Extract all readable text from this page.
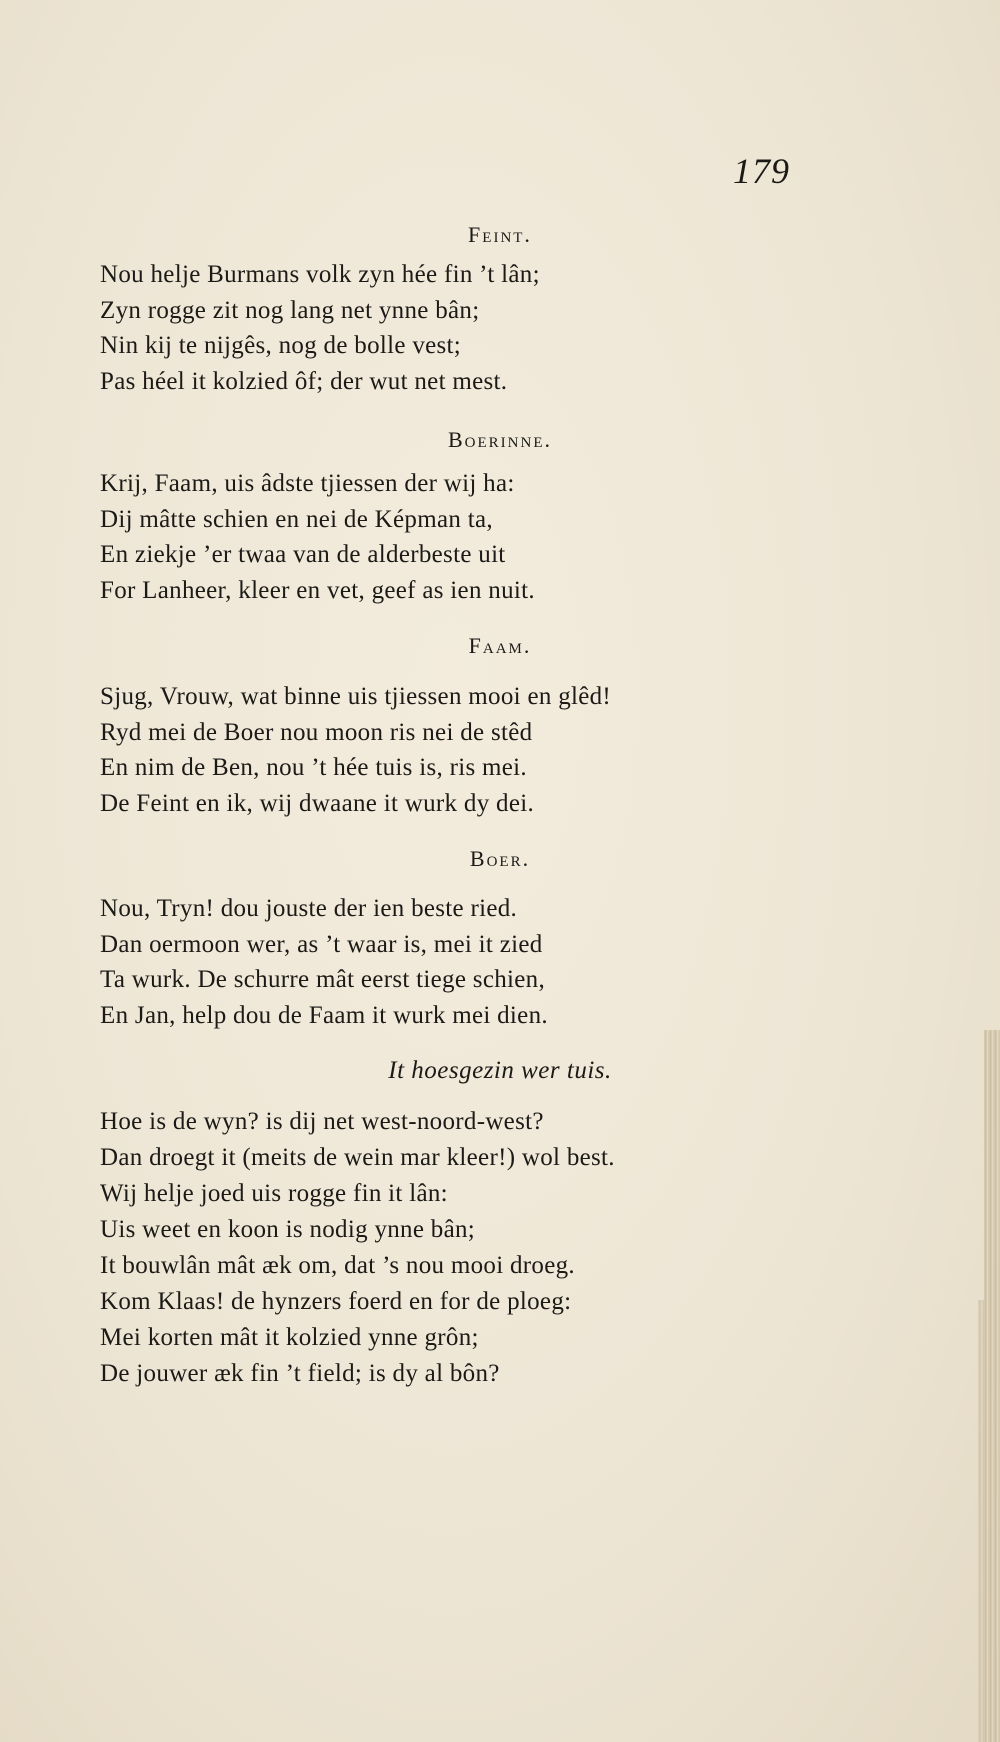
179
Feint.
Nou helje Burmans volk zyn hée fin ’t lân;
Zyn rogge zit nog lang net ynne bân;
Nin kij te nijgês, nog de bolle vest;
Pas héel it kolzied ôf; der wut net mest.
Boerinne.
Krij, Faam, uis âdste tjiessen der wij ha:
Dij mâtte schien en nei de Képman ta,
En ziekje ’er twaa van de alderbeste uit
For Lanheer, kleer en vet, geef as ien nuit.
Faam.
Sjug, Vrouw, wat binne uis tjiessen mooi en glêd!
Ryd mei de Boer nou moon ris nei de stêd
En nim de Ben, nou ’t hée tuis is, ris mei.
De Feint en ik, wij dwaane it wurk dy dei.
Boer.
Nou, Tryn! dou jouste der ien beste ried.
Dan oermoon wer, as ’t waar is, mei it zied
Ta wurk. De schurre mât eerst tiege schien,
En Jan, help dou de Faam it wurk mei dien.
It hoesgezin wer tuis.
Hoe is de wyn? is dij net west-noord-west?
Dan droegt it (meits de wein mar kleer!) wol best.
Wij helje joed uis rogge fin it lân:
Uis weet en koon is nodig ynne bân;
It bouwlân mât æk om, dat ’s nou mooi droeg.
Kom Klaas! de hynzers foerd en for de ploeg:
Mei korten mât it kolzied ynne grôn;
De jouwer æk fin ’t field; is dy al bôn?
